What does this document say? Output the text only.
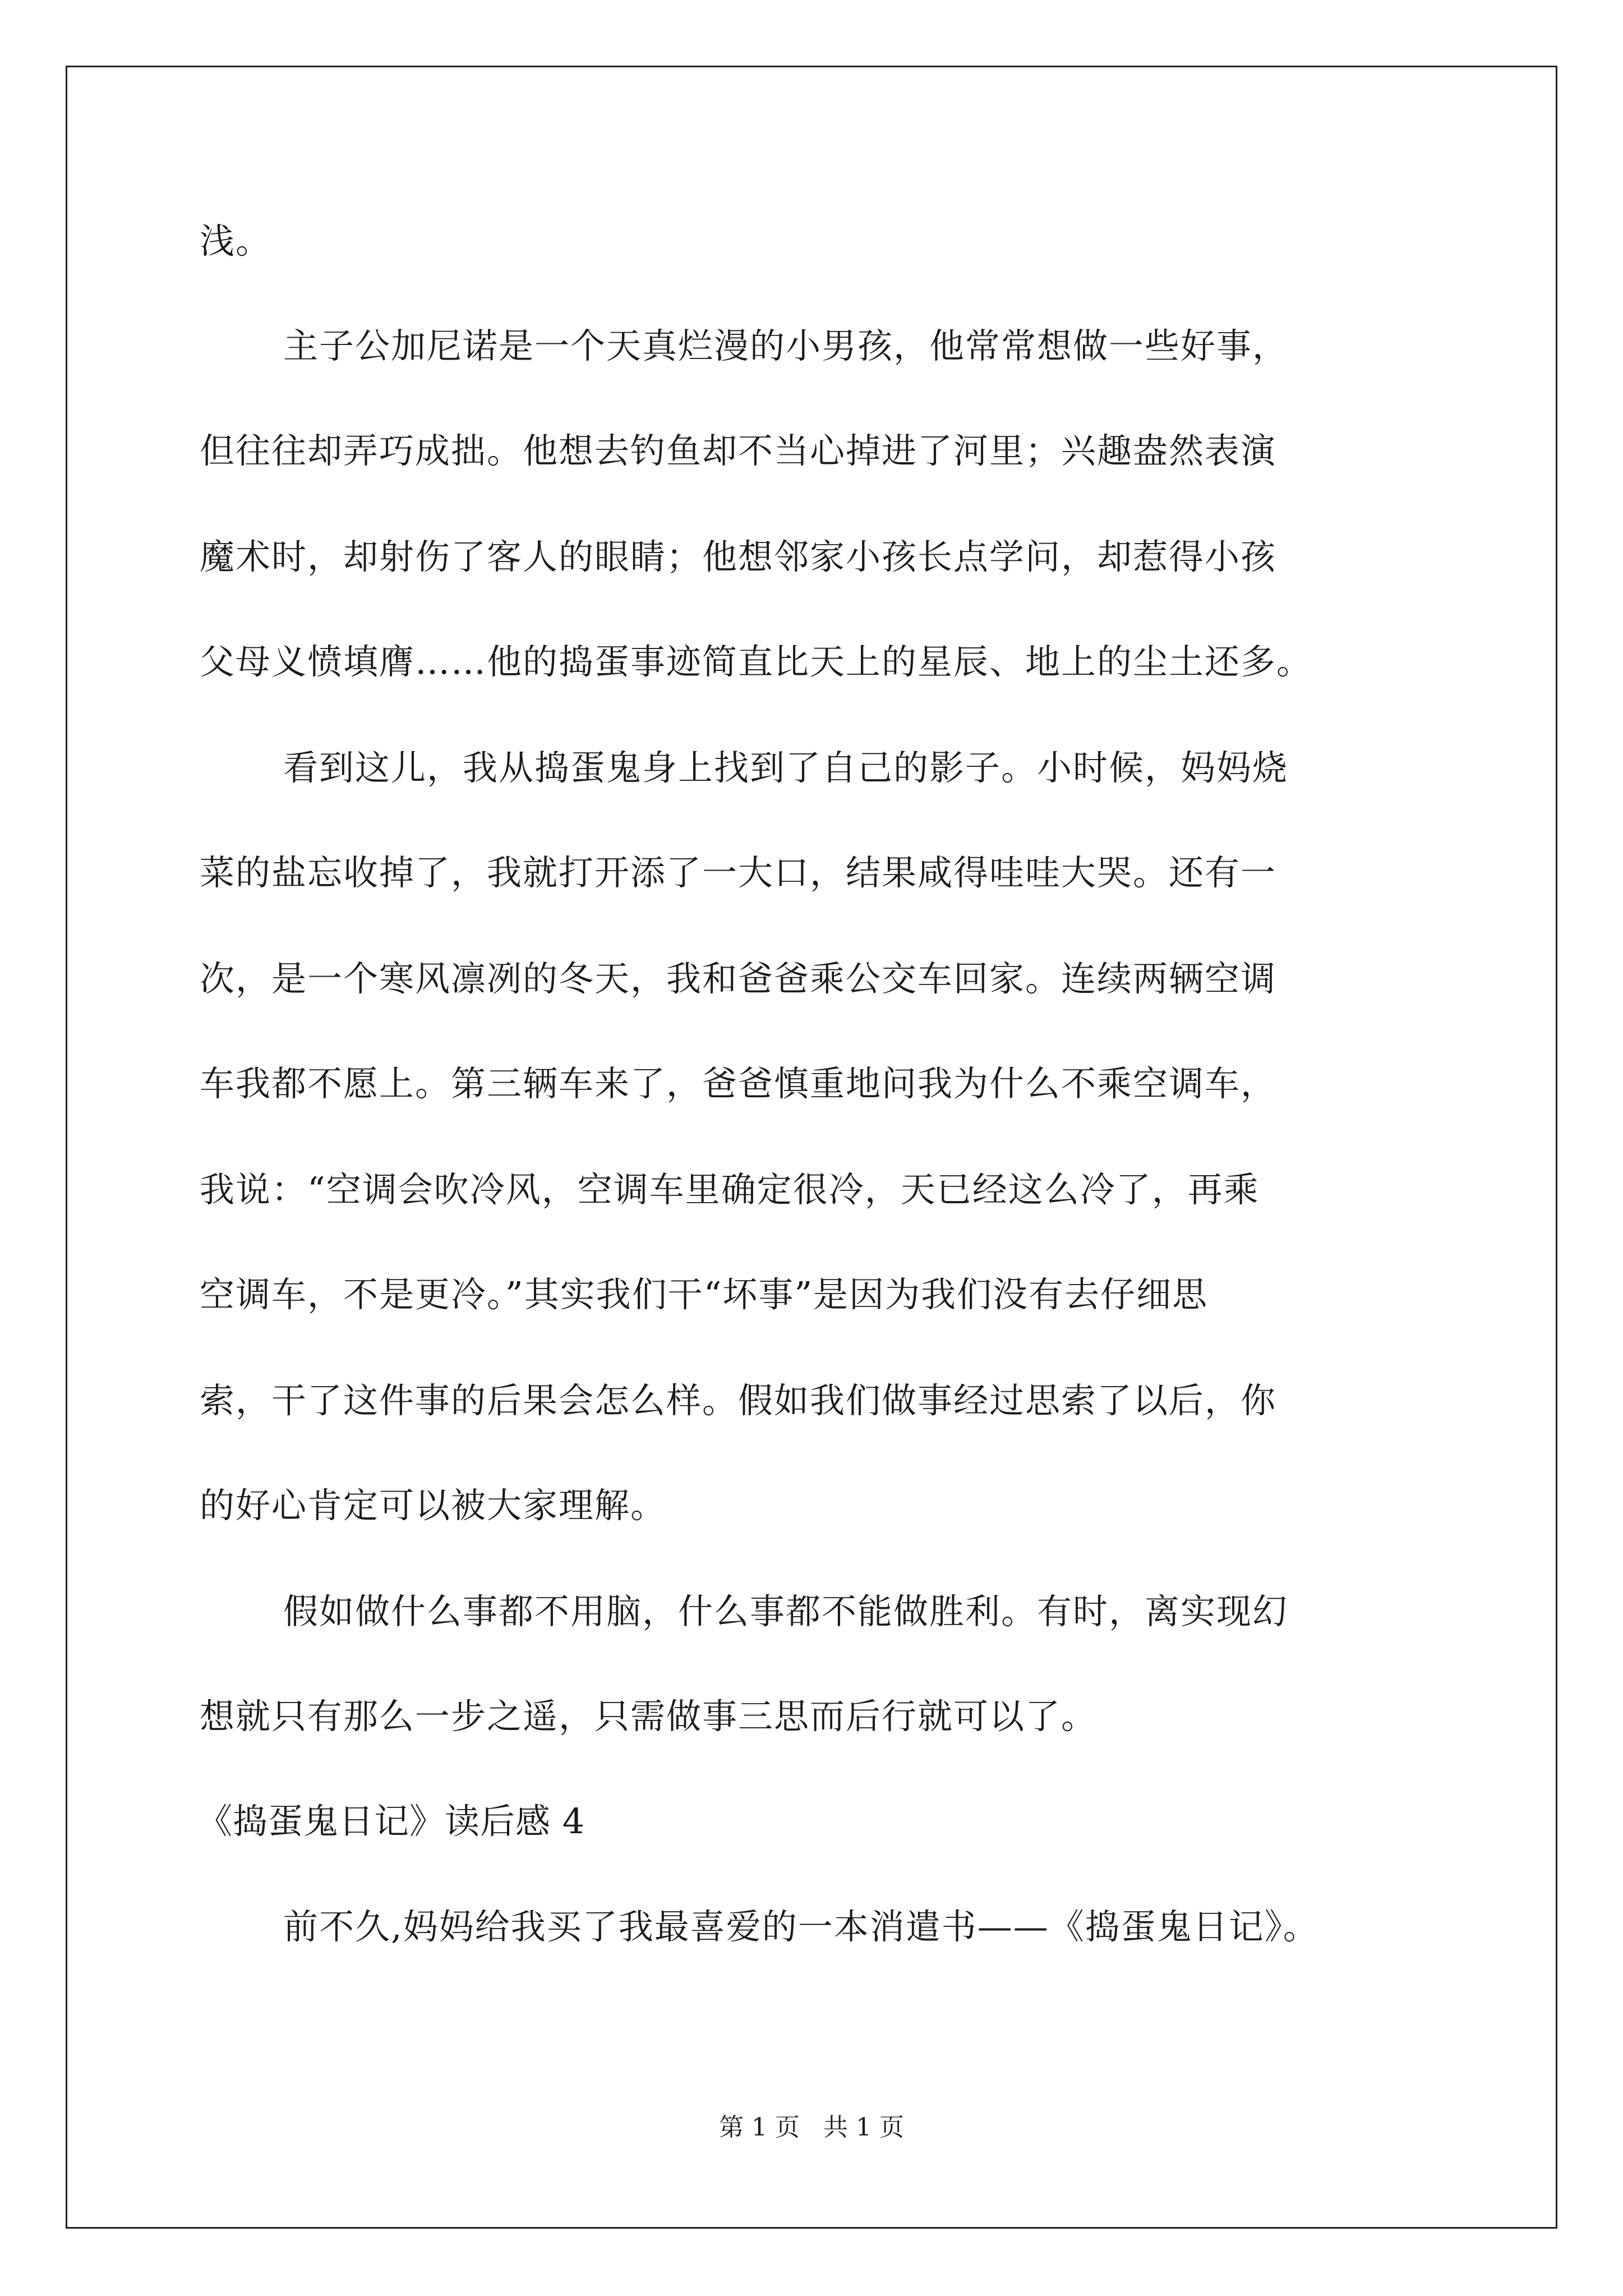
浅。
主子公加尼诺是一个天真烂漫的小男孩，他常常想做一些好事，
但往往却弄巧成拙。他想去钓鱼却不当心掉进了河里；兴趣盎然表演
魔术时，却射伤了客人的眼睛；他想邻家小孩长点学问，却惹得小孩
父母义愤填膺……他的捣蛋事迹简直比天上的星辰、地上的尘土还多。
看到这儿，我从捣蛋鬼身上找到了自己的影子。小时候，妈妈烧
菜的盐忘收掉了，我就打开添了一大口，结果咸得哇哇大哭。还有一
次，是一个寒风凛冽的冬天，我和爸爸乘公交车回家。连续两辆空调
车我都不愿上。第三辆车来了，爸爸慎重地问我为什么不乘空调车，
我说：“空调会吹冷风，空调车里确定很冷，天已经这么冷了，再乘
空调车，不是更冷。”其实我们干“坏事”是因为我们没有去仔细思
索，干了这件事的后果会怎么样。假如我们做事经过思索了以后，你
的好心肯定可以被大家理解。
假如做什么事都不用脑，什么事都不能做胜利。有时，离实现幻
想就只有那么一步之遥，只需做事三思而后行就可以了。
《捣蛋鬼日记》读后感 4
前不久,妈妈给我买了我最喜爱的一本消遣书——《捣蛋鬼日记》。
第 1 页 共 1 页
